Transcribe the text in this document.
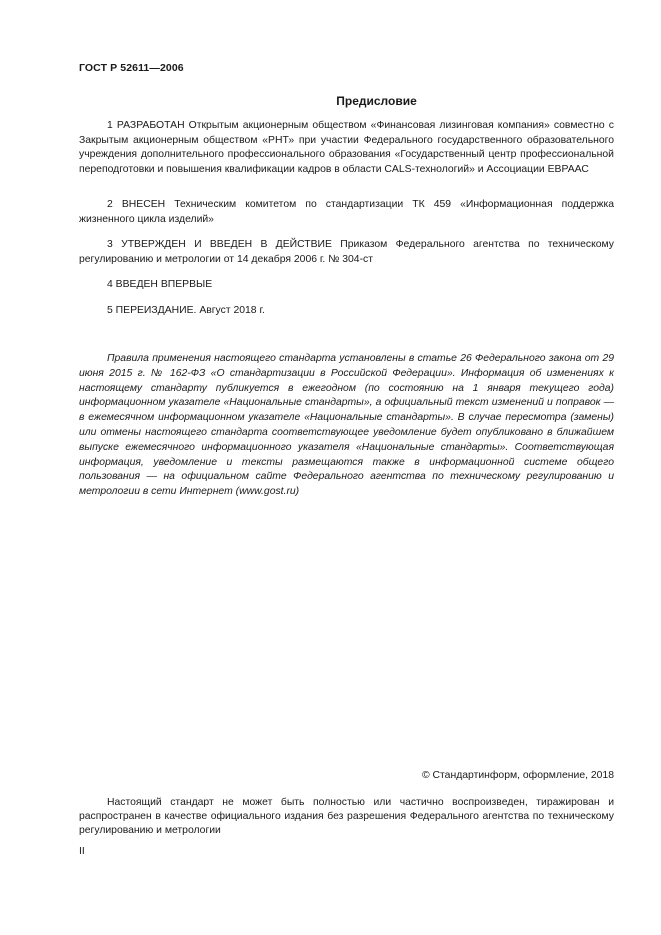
ГОСТ Р 52611—2006
Предисловие

1 РАЗРАБОТАН Открытым акционерным обществом «Финансовая лизинговая компания» совместно с Закрытым акционерным обществом «РНТ» при участии Федерального государственного образовательного учреждения дополнительного профессионального образования «Государственный центр профессиональной переподготовки и повышения квалификации кадров в области CALS-технологий» и Ассоциации ЕВРААС

2 ВНЕСЕН Техническим комитетом по стандартизации ТК 459 «Информационная поддержка жизненного цикла изделий»

3 УТВЕРЖДЕН И ВВЕДЕН В ДЕЙСТВИЕ Приказом Федерального агентства по техническому регулированию и метрологии от 14 декабря 2006 г. № 304-ст

4 ВВЕДЕН ВПЕРВЫЕ

5 ПЕРЕИЗДАНИЕ. Август 2018 г.

Правила применения настоящего стандарта установлены в статье 26 Федерального закона от 29 июня 2015 г. № 162-ФЗ «О стандартизации в Российской Федерации». Информация об изменениях к настоящему стандарту публикуется в ежегодном (по состоянию на 1 января текущего года) информационном указателе «Национальные стандарты», а официальный текст изменений и поправок — в ежемесячном информационном указателе «Национальные стандарты». В случае пересмотра (замены) или отмены настоящего стандарта соответствующее уведомление будет опубликовано в ближайшем выпуске ежемесячного информационного указателя «Национальные стандарты». Соответствующая информация, уведомление и тексты размещаются также в информационной системе общего пользования — на официальном сайте Федерального агентства по техническому регулированию и метрологии в сети Интернет (www.gost.ru)

© Стандартинформ, оформление, 2018

Настоящий стандарт не может быть полностью или частично воспроизведен, тиражирован и распространен в качестве официального издания без разрешения Федерального агентства по техническому регулированию и метрологии

II
